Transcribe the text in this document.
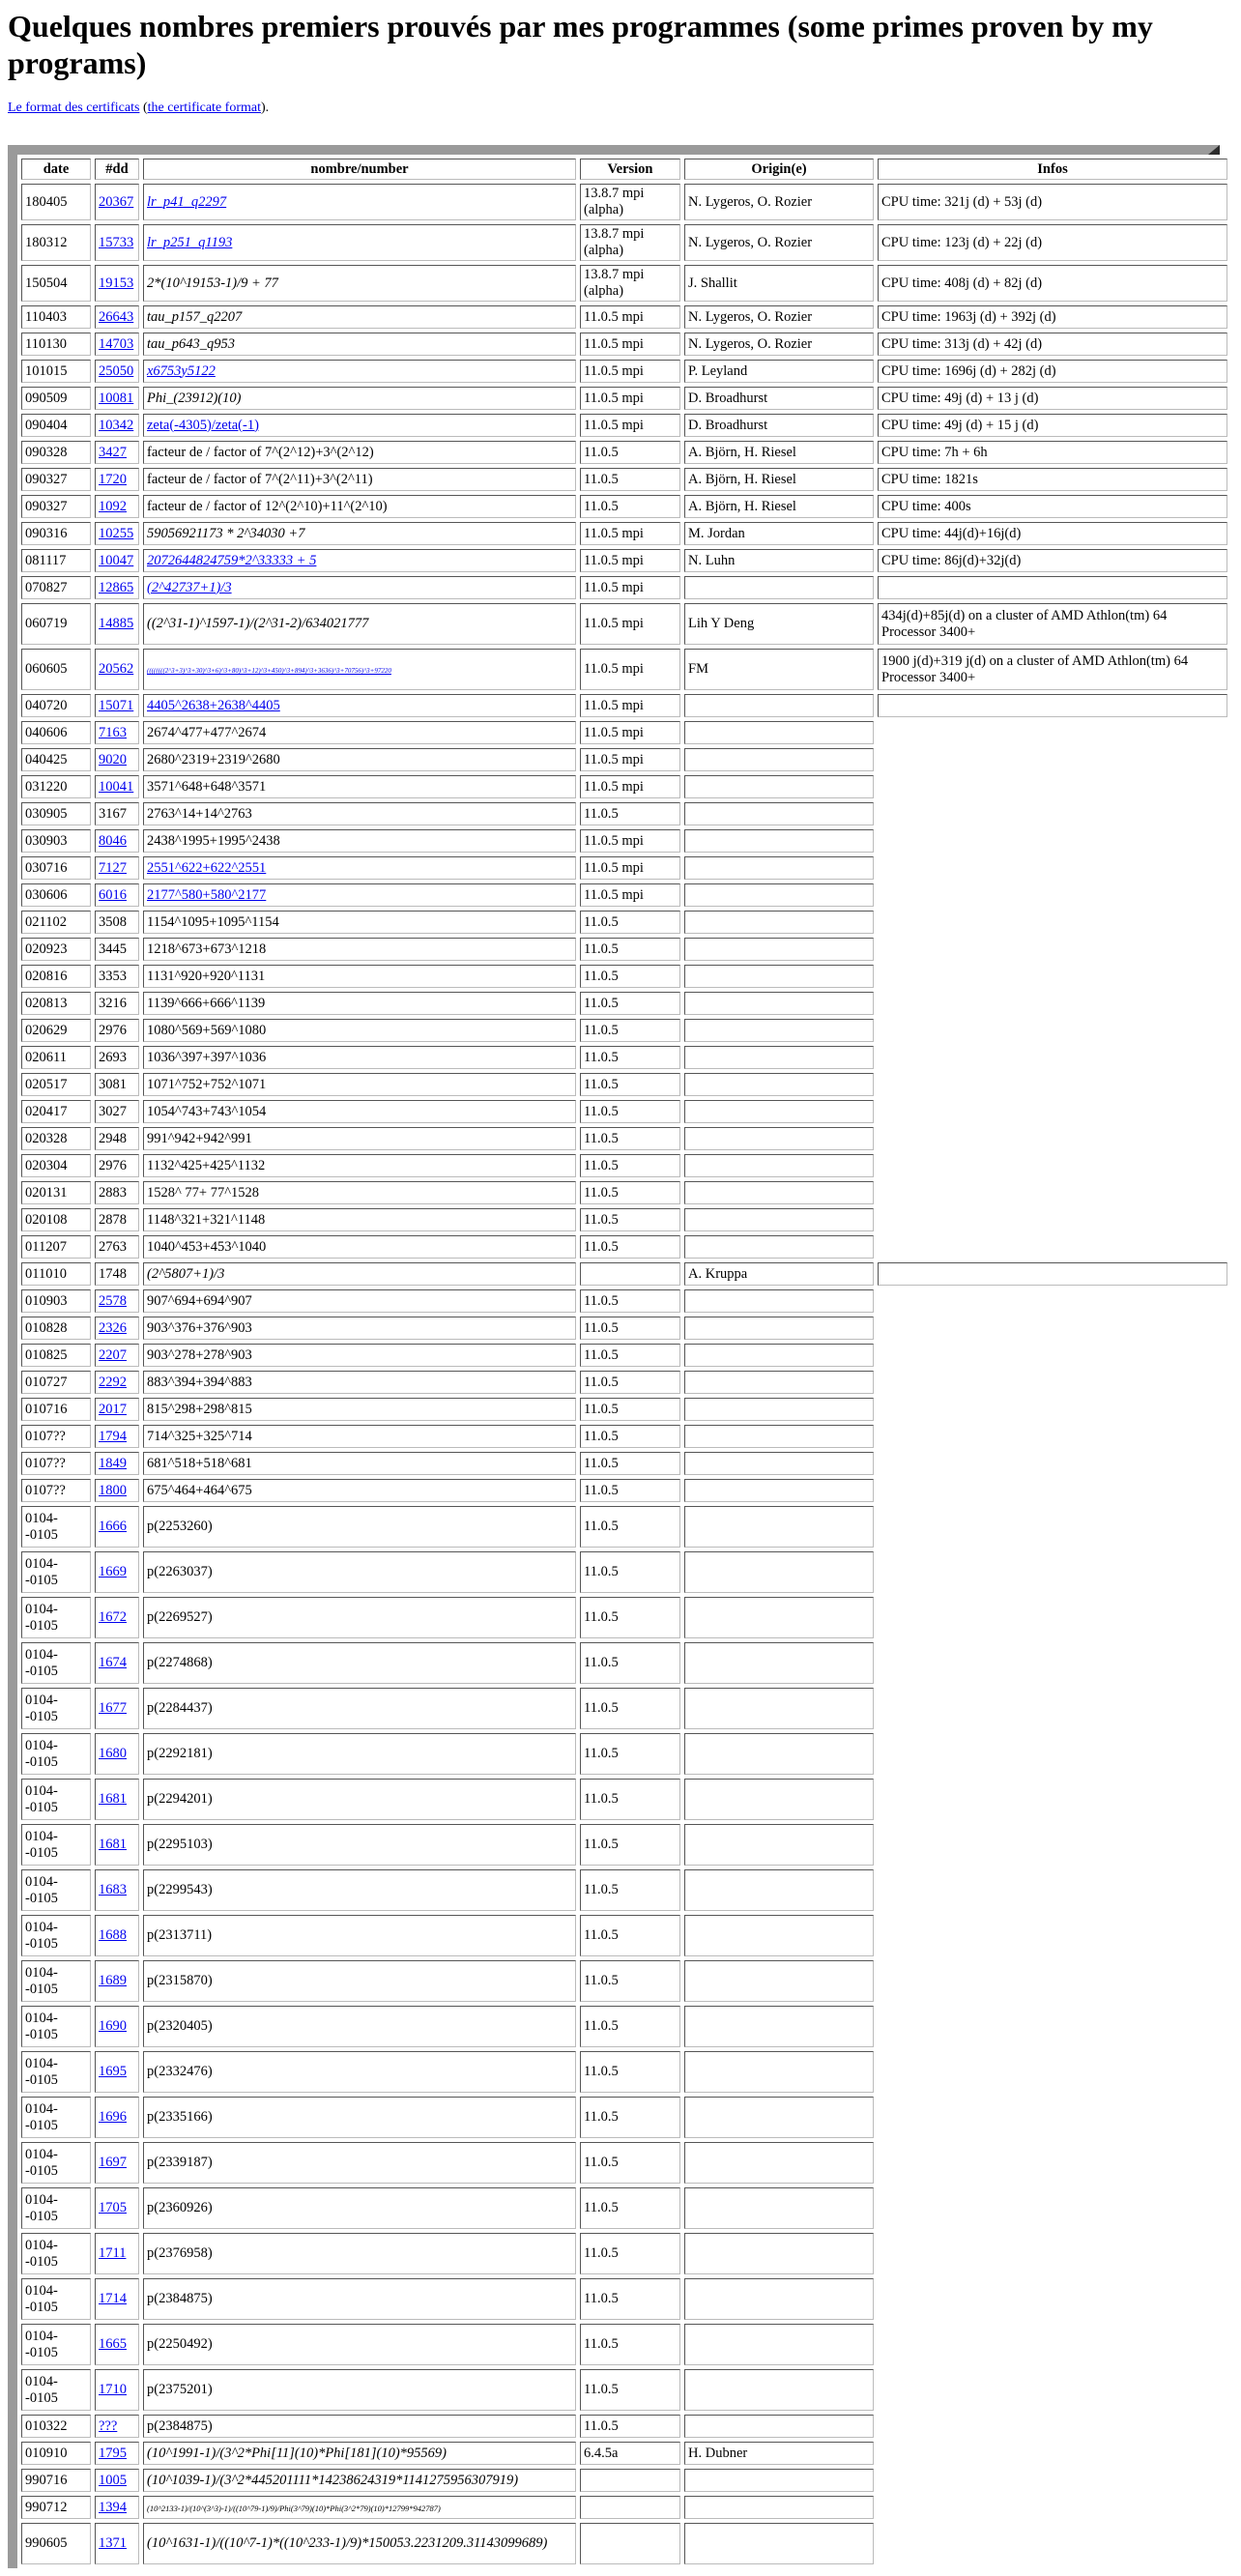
Quelques nombres premiers prouvés par mes programmes (some primes proven by my programs)

Le format des certificats (the certificate format).

date	#dd	nombre/number	Version	Origin(e)	Infos
180405	20367	lr_p41_q2297	13.8.7 mpi (alpha)	N. Lygeros, O. Rozier	CPU time: 321j (d) + 53j (d)
180312	15733	lr_p251_q1193	13.8.7 mpi (alpha)	N. Lygeros, O. Rozier	CPU time: 123j (d) + 22j (d)
150504	19153	2*(10^19153-1)/9 + 77	13.8.7 mpi (alpha)	J. Shallit	CPU time: 408j (d) + 82j (d)
110403	26643	tau_p157_q2207	11.0.5 mpi	N. Lygeros, O. Rozier	CPU time: 1963j (d) + 392j (d)
110130	14703	tau_p643_q953	11.0.5 mpi	N. Lygeros, O. Rozier	CPU time: 313j (d) + 42j (d)
101015	25050	x6753y5122	11.0.5 mpi	P. Leyland	CPU time: 1696j (d) + 282j (d)
090509	10081	Phi_(23912)(10)	11.0.5 mpi	D. Broadhurst	CPU time: 49j (d) + 13 j (d)
090404	10342	zeta(-4305)/zeta(-1)	11.0.5 mpi	D. Broadhurst	CPU time: 49j (d) + 15 j (d)
090328	3427	facteur de / factor of 7^(2^12)+3^(2^12)	11.0.5	A. Björn, H. Riesel	CPU time: 7h + 6h
090327	1720	facteur de / factor of 7^(2^11)+3^(2^11)	11.0.5	A. Björn, H. Riesel	CPU time: 1821s
090327	1092	facteur de / factor of 12^(2^10)+11^(2^10)	11.0.5	A. Björn, H. Riesel	CPU time: 400s
090316	10255	59056921173 * 2^34030 +7	11.0.5 mpi	M. Jordan	CPU time: 44j(d)+16j(d)
081117	10047	2072644824759*2^33333 + 5	11.0.5 mpi	N. Luhn	CPU time: 86j(d)+32j(d)
070827	12865	(2^42737+1)/3	11.0.5 mpi		
060719	14885	((2^31-1)^1597-1)/(2^31-2)/634021777	11.0.5 mpi	Lih Y Deng	434j(d)+85j(d) on a cluster of AMD Athlon(tm) 64 Processor 3400+
060605	20562	((((((((2^3+3)^3+30)^3+6)^3+80)^3+12)^3+450)^3+894)^3+3636)^3+70756)^3+97220	11.0.5 mpi	FM	1900 j(d)+319 j(d) on a cluster of AMD Athlon(tm) 64 Processor 3400+
040720	15071	4405^2638+2638^4405	11.0.5 mpi		
040606	7163	2674^477+477^2674	11.0.5 mpi		
040425	9020	2680^2319+2319^2680	11.0.5 mpi		
031220	10041	3571^648+648^3571	11.0.5 mpi		
030905	3167	2763^14+14^2763	11.0.5		
030903	8046	2438^1995+1995^2438	11.0.5 mpi		
030716	7127	2551^622+622^2551	11.0.5 mpi		
030606	6016	2177^580+580^2177	11.0.5 mpi		
021102	3508	1154^1095+1095^1154	11.0.5		
020923	3445	1218^673+673^1218	11.0.5		
020816	3353	1131^920+920^1131	11.0.5		
020813	3216	1139^666+666^1139	11.0.5		
020629	2976	1080^569+569^1080	11.0.5		
020611	2693	1036^397+397^1036	11.0.5		
020517	3081	1071^752+752^1071	11.0.5		
020417	3027	1054^743+743^1054	11.0.5		
020328	2948	991^942+942^991	11.0.5		
020304	2976	1132^425+425^1132	11.0.5		
020131	2883	1528^ 77+ 77^1528	11.0.5		
020108	2878	1148^321+321^1148	11.0.5		
011207	2763	1040^453+453^1040	11.0.5		
011010	1748	(2^5807+1)/3		A. Kruppa	
010903	2578	907^694+694^907	11.0.5		
010828	2326	903^376+376^903	11.0.5		
010825	2207	903^278+278^903	11.0.5		
010727	2292	883^394+394^883	11.0.5		
010716	2017	815^298+298^815	11.0.5		
0107??	1794	714^325+325^714	11.0.5		
0107??	1849	681^518+518^681	11.0.5		
0107??	1800	675^464+464^675	11.0.5		
0104--0105	1666	p(2253260)	11.0.5		
0104--0105	1669	p(2263037)	11.0.5		
0104--0105	1672	p(2269527)	11.0.5		
0104--0105	1674	p(2274868)	11.0.5		
0104--0105	1677	p(2284437)	11.0.5		
0104--0105	1680	p(2292181)	11.0.5		
0104--0105	1681	p(2294201)	11.0.5		
0104--0105	1681	p(2295103)	11.0.5		
0104--0105	1683	p(2299543)	11.0.5		
0104--0105	1688	p(2313711)	11.0.5		
0104--0105	1689	p(2315870)	11.0.5		
0104--0105	1690	p(2320405)	11.0.5		
0104--0105	1695	p(2332476)	11.0.5		
0104--0105	1696	p(2335166)	11.0.5		
0104--0105	1697	p(2339187)	11.0.5		
0104--0105	1705	p(2360926)	11.0.5		
0104--0105	1711	p(2376958)	11.0.5		
0104--0105	1714	p(2384875)	11.0.5		
0104--0105	1665	p(2250492)	11.0.5		
0104--0105	1710	p(2375201)	11.0.5		
010322	???	p(2384875)	11.0.5		
010910	1795	(10^1991-1)/(3^2*Phi[11](10)*Phi[181](10)*95569)	6.4.5a	H. Dubner	
990716	1005	(10^1039-1)/(3^2*445201111*14238624319*1141275956307919)			
990712	1394	(10^2133-1)/(10^(3^3)-1)/((10^79-1)/9)/Phi(3^79)(10)*Phi(3^2*79)(10)*12799*942787)			
990605	1371	(10^1631-1)/((10^7-1)*((10^233-1)/9)*150053.2231209.31143099689)			
